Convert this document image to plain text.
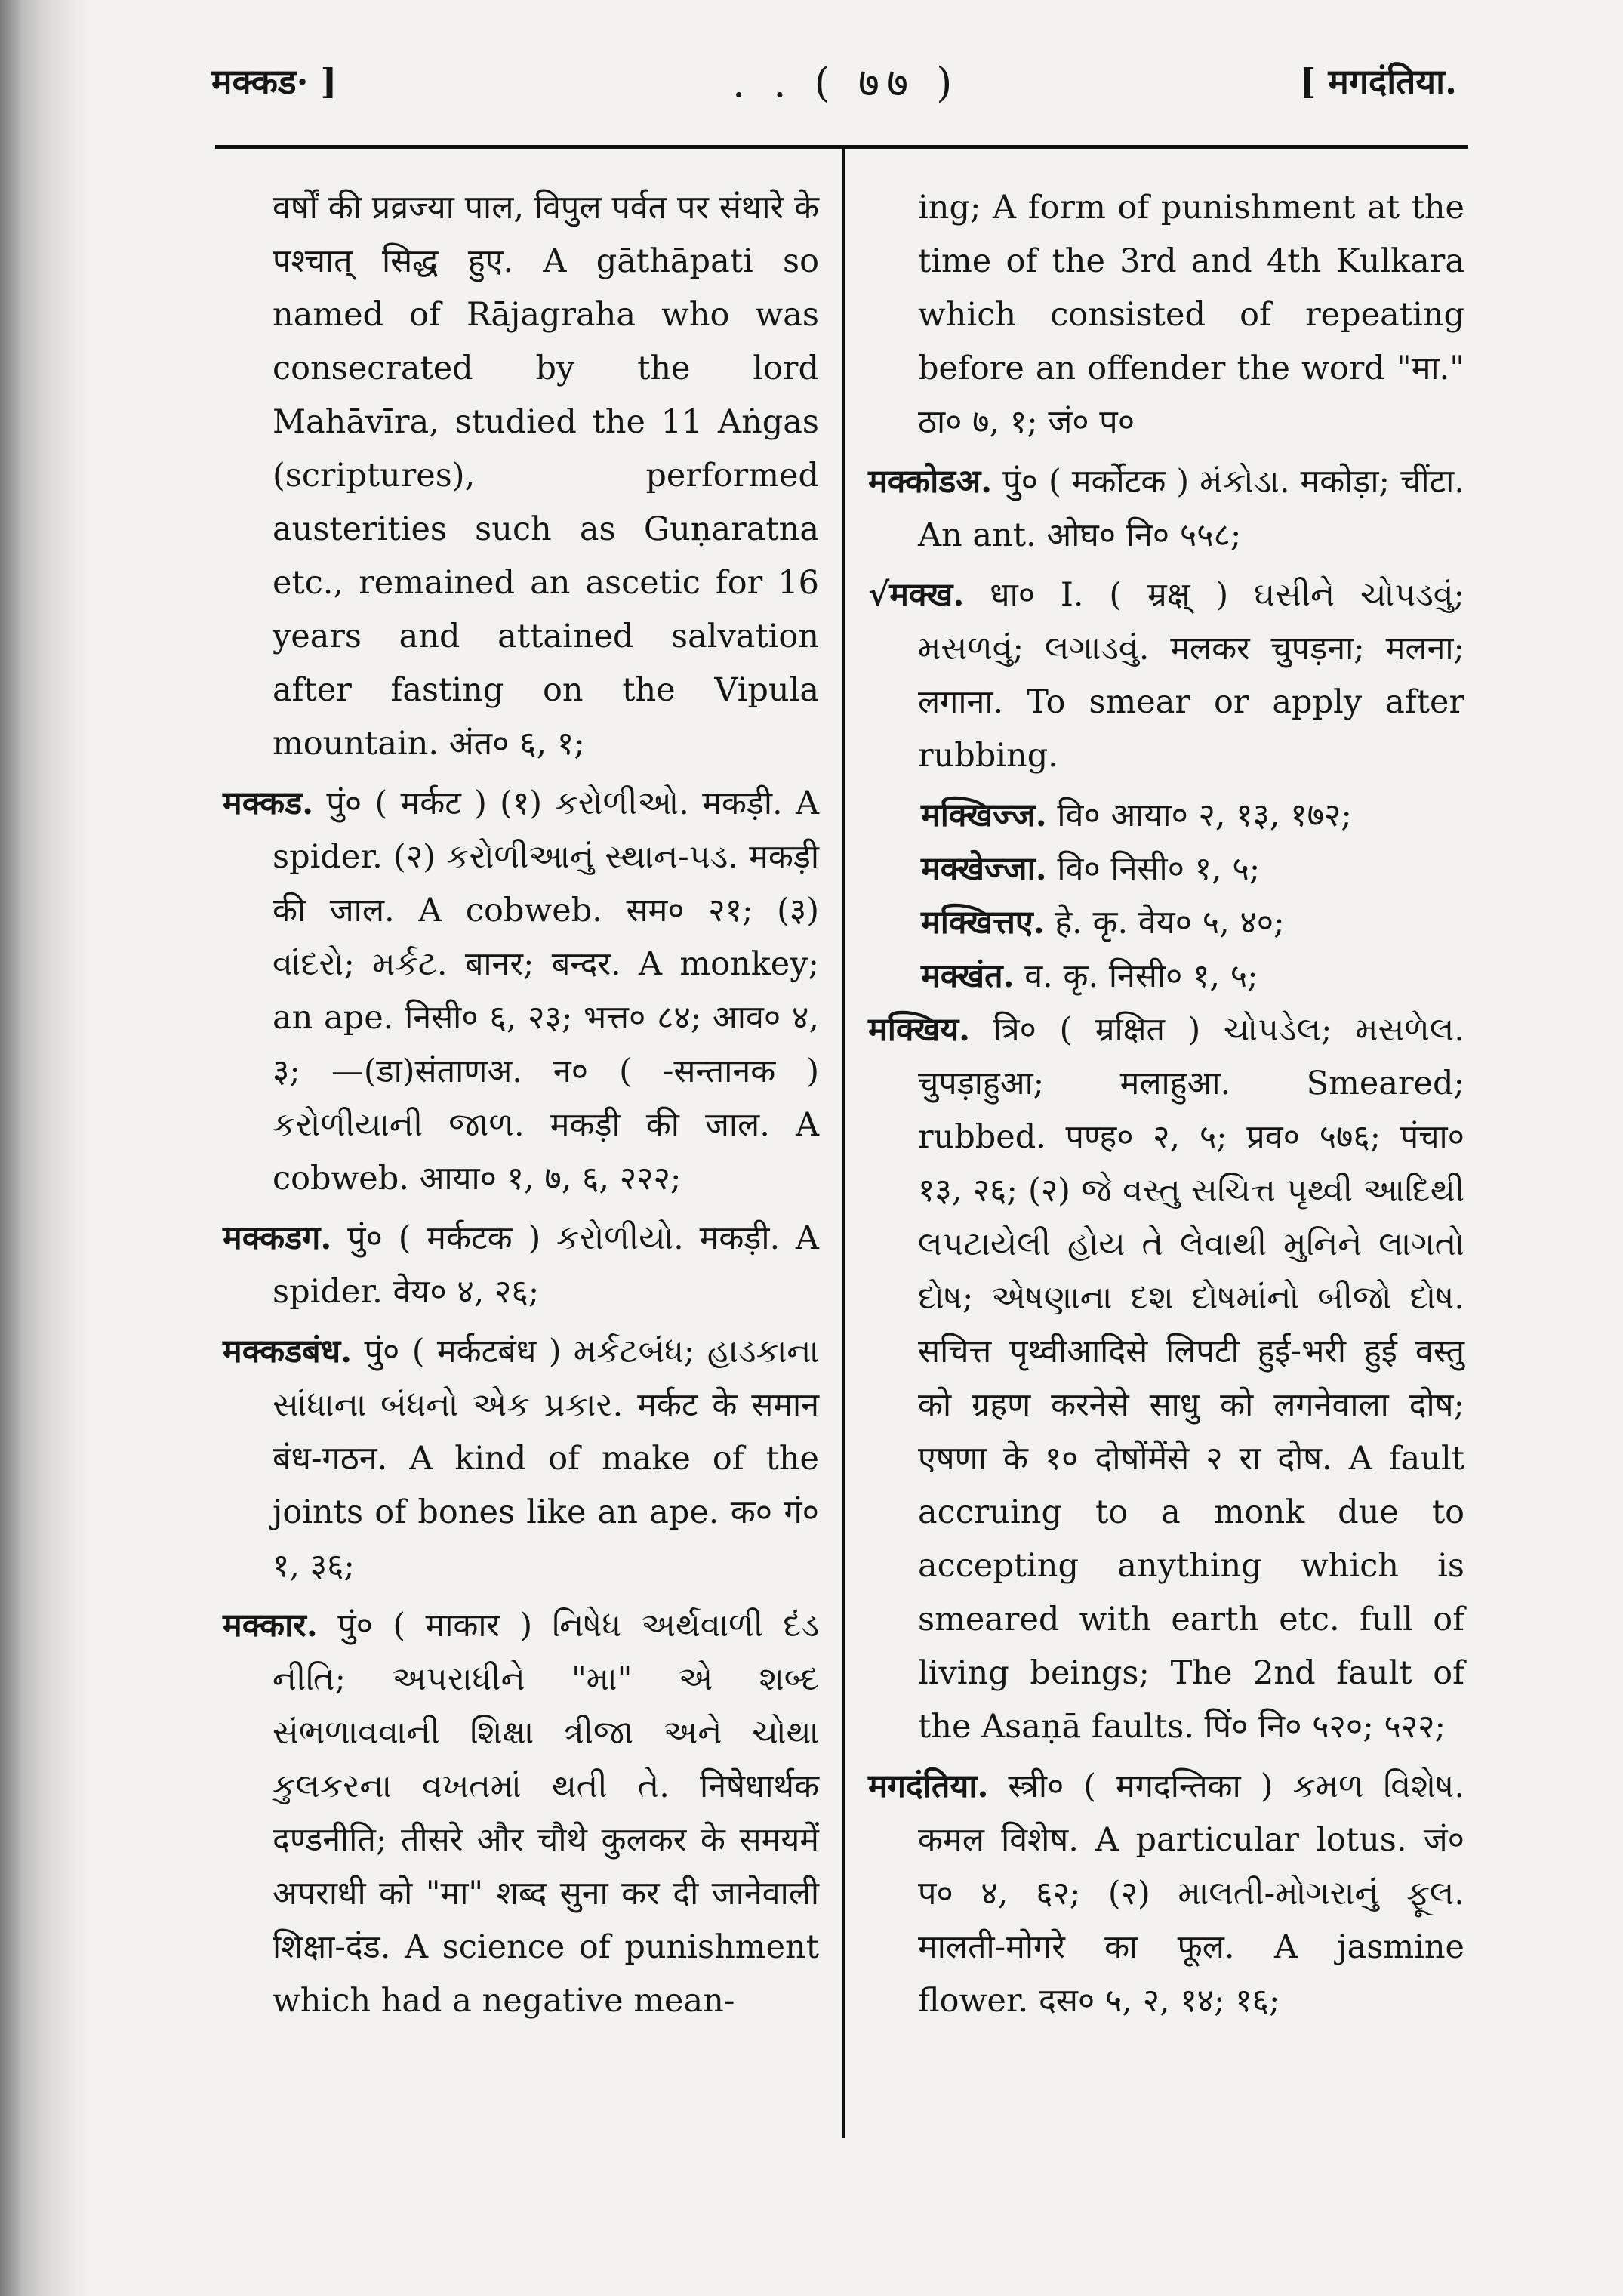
मक्कड· ]	. . ( ७७ )	[ मगदंतिया.

वर्षों की प्रव्रज्या पाल, विपुल पर्वत पर संथारे के पश्चात् सिद्ध हुए. A gāthāpati so named of Rājagraha who was consecrated by the lord Mahāvīra, studied the 11 Aṅgas (scriptures), performed austerities such as Guṇaratna etc., remained an ascetic for 16 years and attained salvation after fasting on the Vipula mountain. अंत० ६, १;

मक्कड. पुं० ( मर्कट ) (१) કરોળીઓ. मकड़ी. A spider. (२) કરોળીઆનું સ્થાન-પડ. मकड़ी की जाल. A cobweb. सम० २१; (३) વાંદરો; મર્કટ. बानर; बन्दर. A monkey; an ape. निसी० ६, २३; भत्त० ८४; आव० ४, ३; —(डा)संताणअ. न० ( -सन्तानक ) કરોળીયાની જાળ. मकड़ी की जाल. A cobweb. आया० १, ७, ६, २२२;

मक्कडग. पुं० ( मर्कटक ) કરોળીયો. मकड़ी. A spider. वेय० ४, २६;

मक्कडबंध. पुं० ( मर्कटबंध ) મર્કટબંધ; હાડકાના સાંધાના બંધનો એક પ્રકાર. मर्कट के समान बंध-गठन. A kind of make of the joints of bones like an ape. क० गं० १, ३६;

मक्कार. पुं० ( माकार ) નિષેધ અર્થવાળી દંડ નીતિ; અપરાધીને "મા" એ શબ્દ સંભળાવવાની શિક્ષા ત્રીજા અને ચોથા કુલકરના વખતમાં થતી તે. निषेधार्थक दण्डनीति; तीसरे और चौथे कुलकर के समयमें अपराधी को "मा" शब्द सुना कर दी जानेवाली शिक्षा-दंड. A science of punishment which had a negative mean-

ing; A form of punishment at the time of the 3rd and 4th Kulkara which consisted of repeating before an offender the word "मा." ठा० ७, १; जं० प०

मक्कोडअ. पुं० ( मर्कोटक ) મંકોડા. मकोड़ा; चींटा. An ant. ओघ० नि० ५५८;

√मक्ख. धा० I. ( म्रक्ष् ) ઘસીને ચોપડવું; મસળવું; લગાડવું. मलकर चुपड़ना; मलना; लगाना. To smear or apply after rubbing.

मक्खिज्ज. वि० आया० २, १३, १७२;

मक्खेज्जा. वि० निसी० १, ५;

मक्खित्तए. हे. कृ. वेय० ५, ४०;

मक्खंत. व. कृ. निसी० १, ५;

मक्खिय. त्रि० ( म्रक्षित ) ચોપડેલ; મસળેલ. चुपड़ाहुआ; मलाहुआ. Smeared; rubbed. पण्ह० २, ५; प्रव० ५७६; पंचा० १३, २६; (२) જે વસ્તુ સચિત્ત પૃથ્વી આદિથી લપટાયેલી હોય તે લેવાથી મુનિને લાગતો દોષ; એષણાના દશ દોષમાંનો બીજો દોષ. सचित्त पृथ्वीआदिसे लिपटी हुई-भरी हुई वस्तु को ग्रहण करनेसे साधु को लगनेवाला दोष; एषणा के १० दोषोंमेंसे २ रा दोष. A fault accruing to a monk due to accepting anything which is smeared with earth etc. full of living beings; The 2nd fault of the Asaṇā faults. पिं० नि० ५२०; ५२२;

मगदंतिया. स्त्री० ( मगदन्तिका ) કમળ વિશેષ. कमल विशेष. A particular lotus. जं० प० ४, ६२; (२) માલતી-મોગરાનું ફૂલ. मालती-मोगरे का फूल. A jasmine flower. दस० ५, २, १४; १६;
